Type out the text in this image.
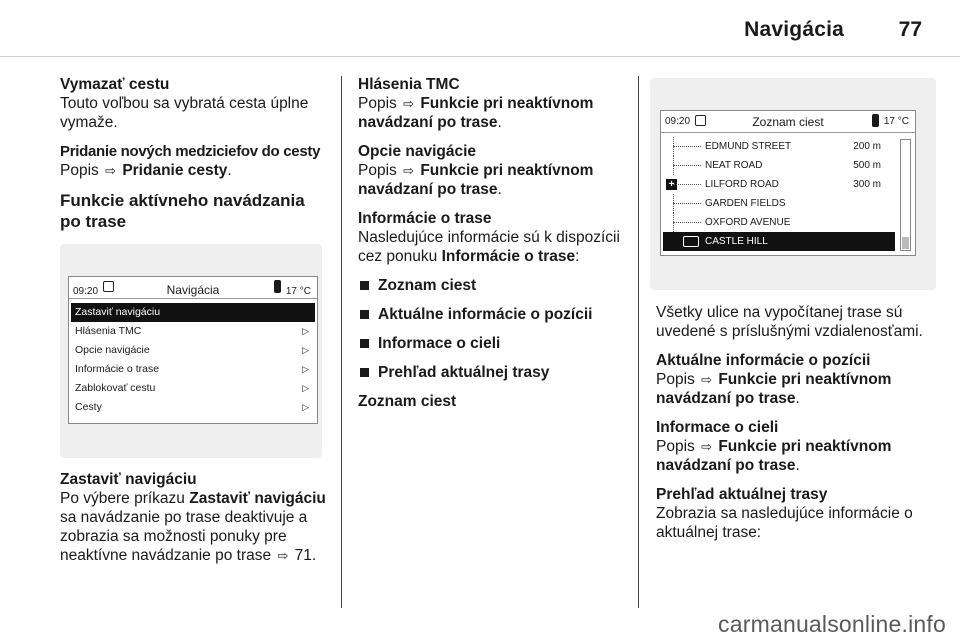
Navigácia	77
Vymazať cestu
Touto voľbou sa vybratá cesta úplne vymaže.
Pridanie nových medziciefov do cesty
Popis ⇨ Pridanie cesty.
Funkcie aktívneho navádzania po trase
09:20	Navigácia	17 °C
Zastaviť navigáciu
Hlásenia TMC	▷
Opcie navigácie	▷
Informácie o trase	▷
Zablokovať cestu	▷
Cesty	▷
Zastaviť navigáciu
Po výbere príkazu Zastaviť navigáciu sa navádzanie po trase deaktivuje a zobrazia sa možnosti ponuky pre neaktívne navádzanie po trase ⇨ 71.
Hlásenia TMC
Popis ⇨ Funkcie pri neaktívnom navádzaní po trase.
Opcie navigácie
Popis ⇨ Funkcie pri neaktívnom navádzaní po trase.
Informácie o trase
Nasledujúce informácie sú k dispozícii cez ponuku Informácie o trase:
Zoznam ciest
Aktuálne informácie o pozícii
Informace o cieli
Prehľad aktuálnej trasy
Zoznam ciest
09:20	Zoznam ciest	17 °C
EDMUND STREET	200 m
NEAT ROAD	500 m
+	LILFORD ROAD	300 m
GARDEN FIELDS
OXFORD AVENUE
CASTLE HILL
Všetky ulice na vypočítanej trase sú uvedené s príslušnými vzdialenosťami.
Aktuálne informácie o pozícii
Popis ⇨ Funkcie pri neaktívnom navádzaní po trase.
Informace o cieli
Popis ⇨ Funkcie pri neaktívnom navádzaní po trase.
Prehľad aktuálnej trasy
Zobrazia sa nasledujúce informácie o aktuálnej trase:
carmanualsonline.info
